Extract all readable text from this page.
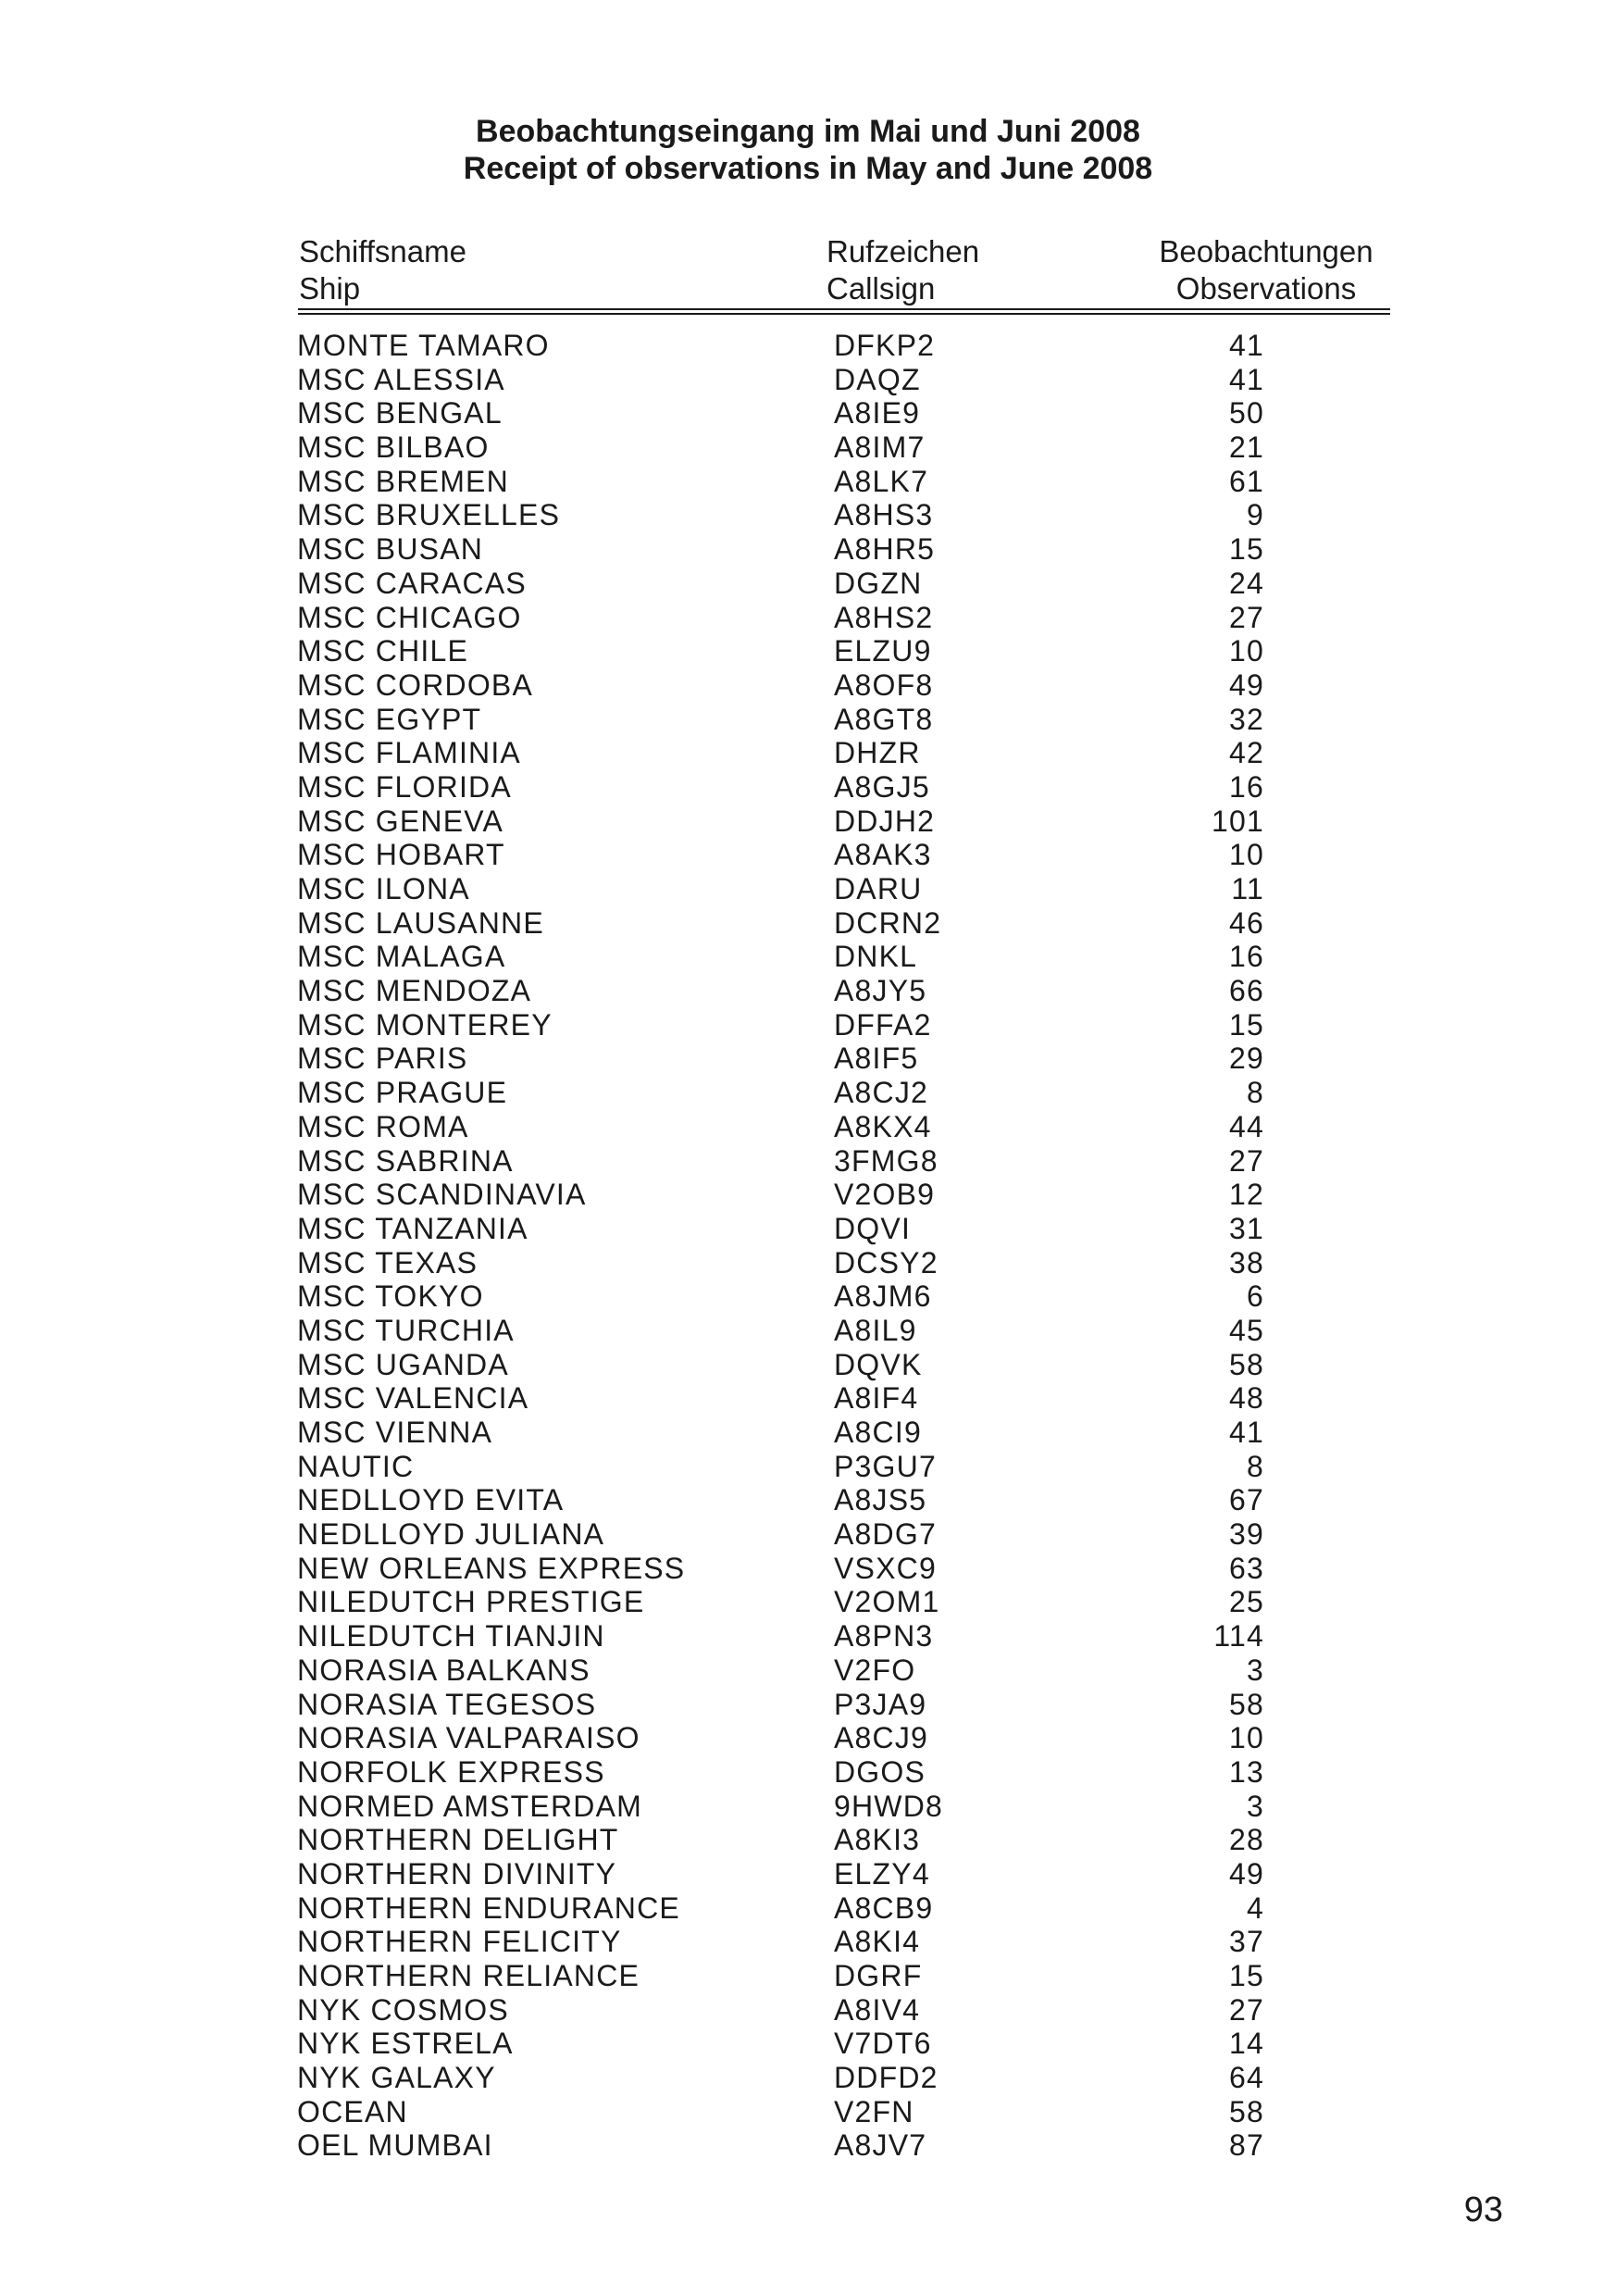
Beobachtungseingang im Mai und Juni 2008
Receipt of observations in May and June 2008
Schiffsname	Rufzeichen	Beobachtungen
Ship	Callsign	Observations
MONTE TAMARO	DFKP2	41
MSC ALESSIA	DAQZ	41
MSC BENGAL	A8IE9	50
MSC BILBAO	A8IM7	21
MSC BREMEN	A8LK7	61
MSC BRUXELLES	A8HS3	9
MSC BUSAN	A8HR5	15
MSC CARACAS	DGZN	24
MSC CHICAGO	A8HS2	27
MSC CHILE	ELZU9	10
MSC CORDOBA	A8OF8	49
MSC EGYPT	A8GT8	32
MSC FLAMINIA	DHZR	42
MSC FLORIDA	A8GJ5	16
MSC GENEVA	DDJH2	101
MSC HOBART	A8AK3	10
MSC ILONA	DARU	11
MSC LAUSANNE	DCRN2	46
MSC MALAGA	DNKL	16
MSC MENDOZA	A8JY5	66
MSC MONTEREY	DFFA2	15
MSC PARIS	A8IF5	29
MSC PRAGUE	A8CJ2	8
MSC ROMA	A8KX4	44
MSC SABRINA	3FMG8	27
MSC SCANDINAVIA	V2OB9	12
MSC TANZANIA	DQVI	31
MSC TEXAS	DCSY2	38
MSC TOKYO	A8JM6	6
MSC TURCHIA	A8IL9	45
MSC UGANDA	DQVK	58
MSC VALENCIA	A8IF4	48
MSC VIENNA	A8CI9	41
NAUTIC	P3GU7	8
NEDLLOYD EVITA	A8JS5	67
NEDLLOYD JULIANA	A8DG7	39
NEW ORLEANS EXPRESS	VSXC9	63
NILEDUTCH PRESTIGE	V2OM1	25
NILEDUTCH TIANJIN	A8PN3	114
NORASIA BALKANS	V2FO	3
NORASIA TEGESOS	P3JA9	58
NORASIA VALPARAISO	A8CJ9	10
NORFOLK EXPRESS	DGOS	13
NORMED AMSTERDAM	9HWD8	3
NORTHERN DELIGHT	A8KI3	28
NORTHERN DIVINITY	ELZY4	49
NORTHERN ENDURANCE	A8CB9	4
NORTHERN FELICITY	A8KI4	37
NORTHERN RELIANCE	DGRF	15
NYK COSMOS	A8IV4	27
NYK ESTRELA	V7DT6	14
NYK GALAXY	DDFD2	64
OCEAN	V2FN	58
OEL MUMBAI	A8JV7	87

93
